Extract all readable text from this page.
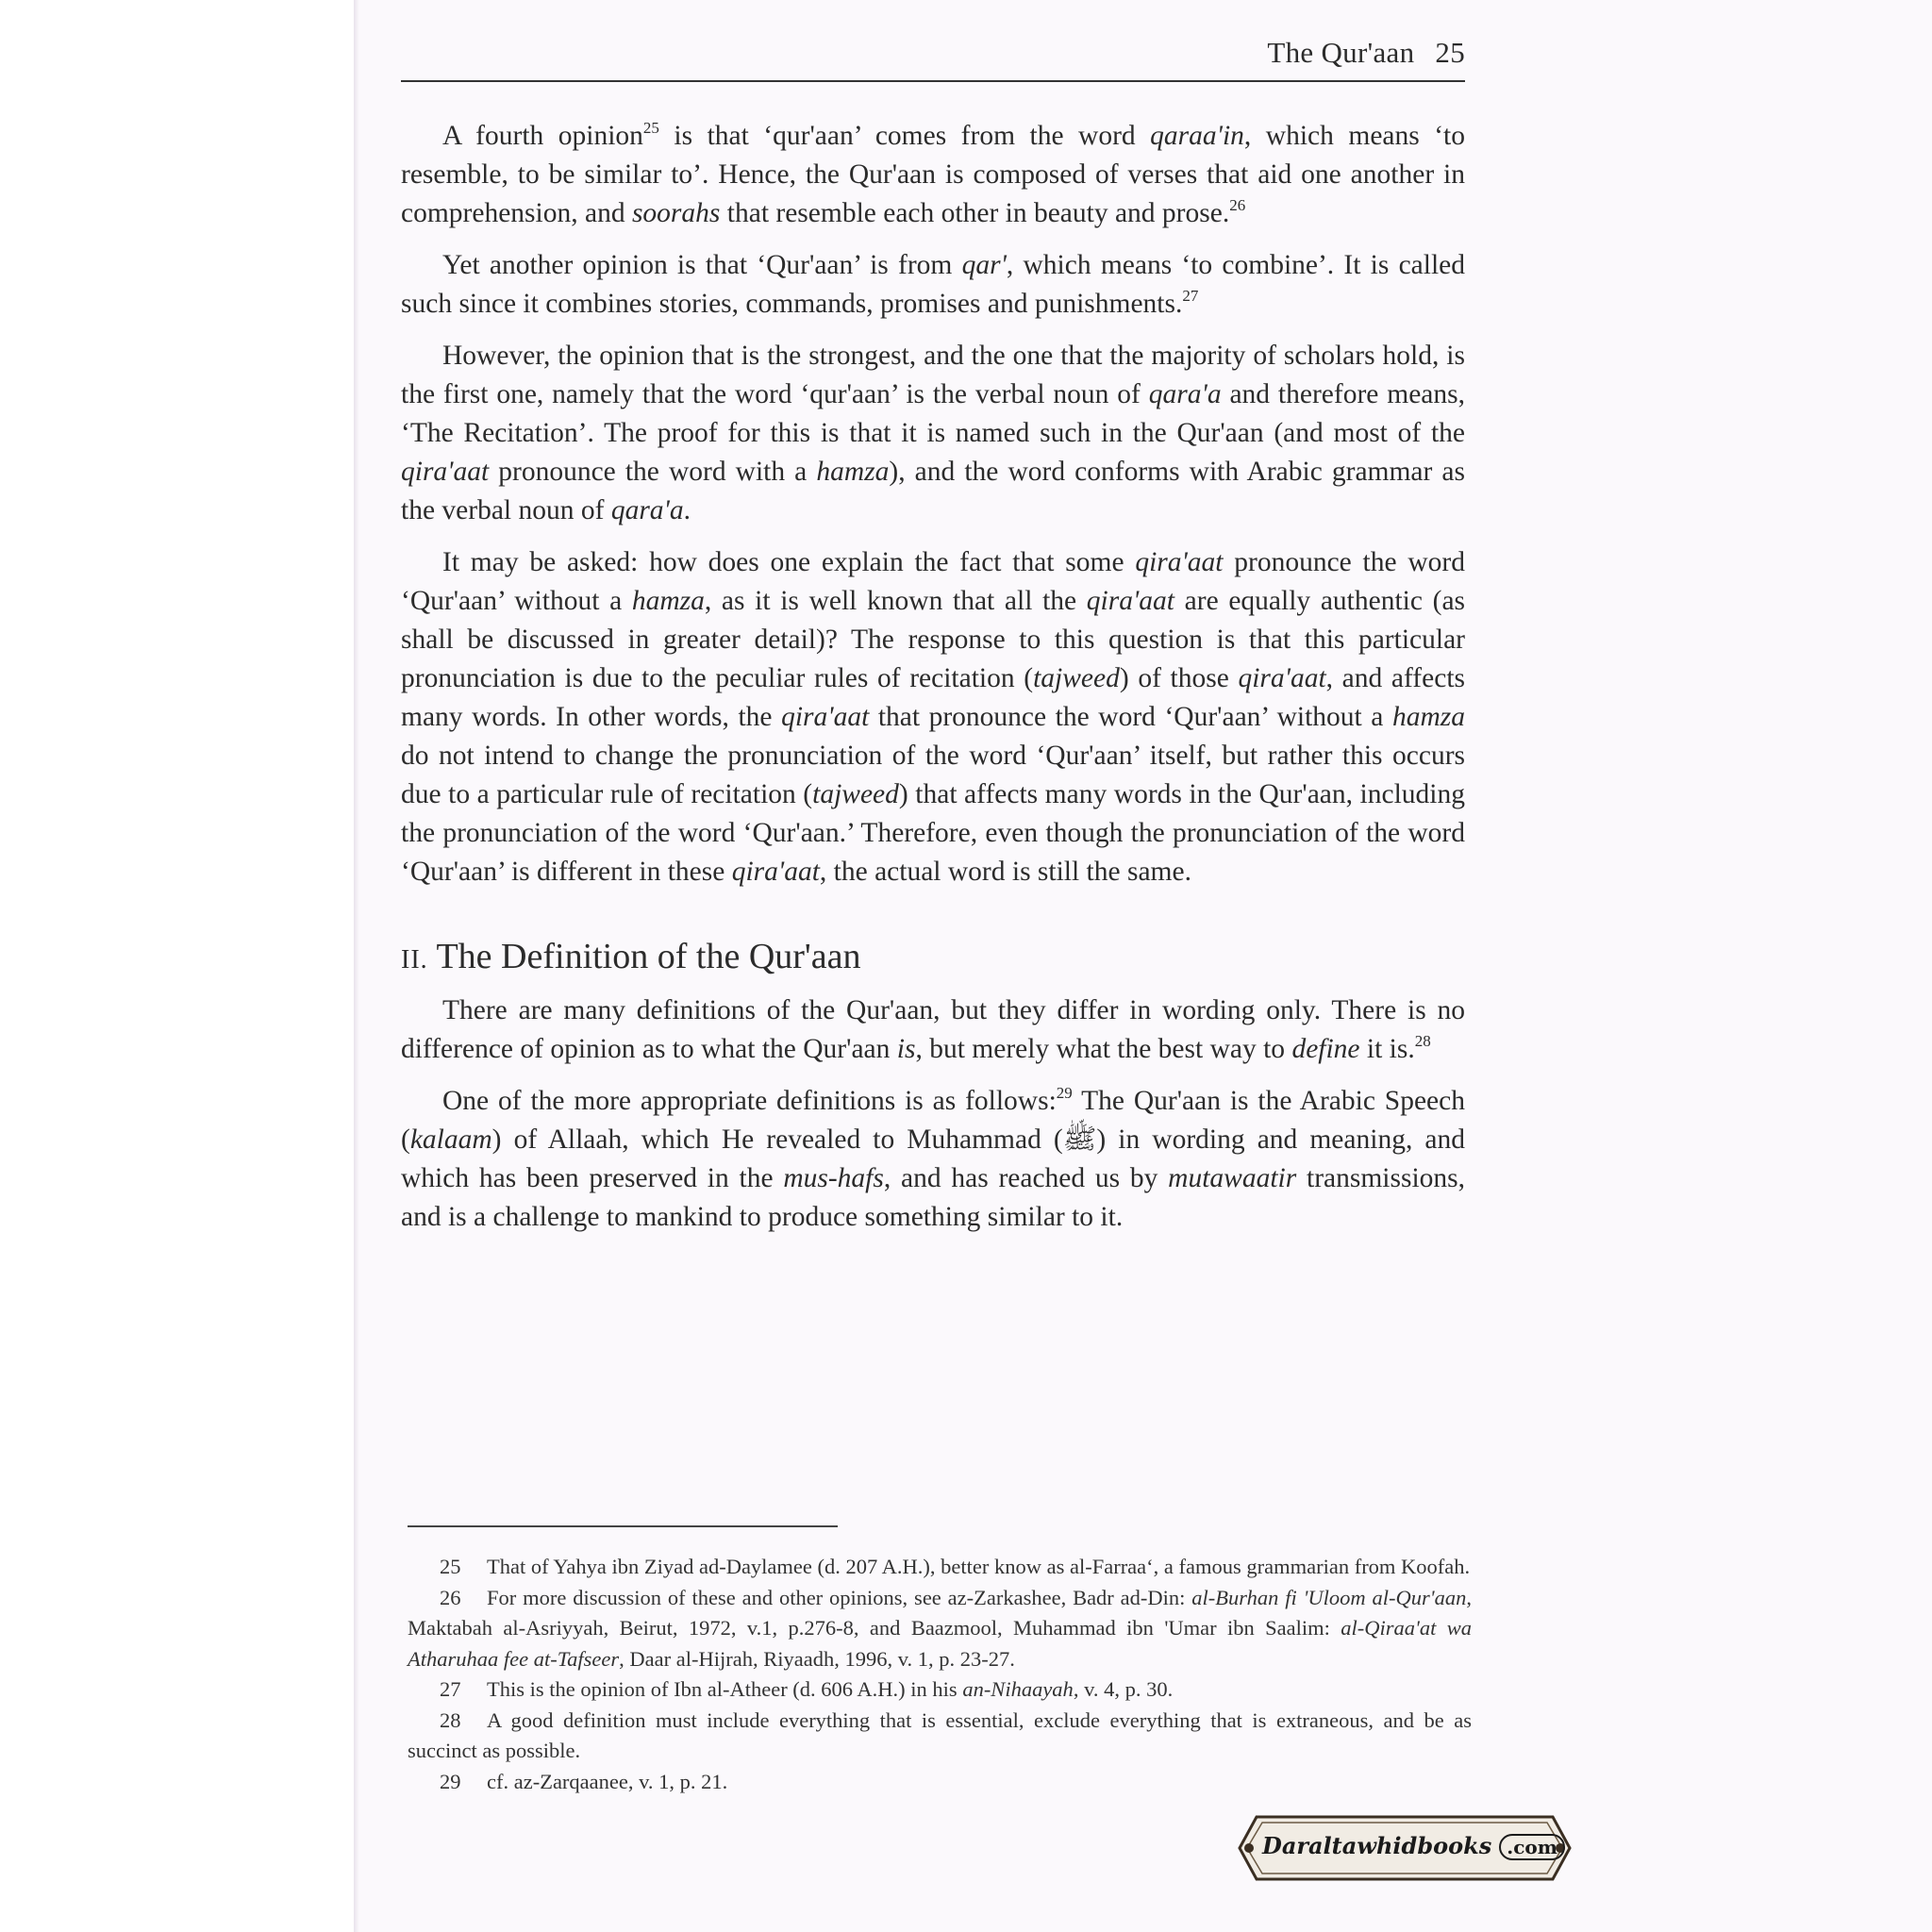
The Qur'aan 25

A fourth opinion$^{25}$ is that ‘qur'aan’ comes from the word qaraa'in, which means ‘to resemble, to be similar to’. Hence, the Qur'aan is composed of verses that aid one another in comprehension, and soorahs that resemble each other in beauty and prose.$^{26}$

Yet another opinion is that ‘Qur'aan’ is from qar', which means ‘to combine’. It is called such since it combines stories, commands, promises and punishments.$^{27}$

However, the opinion that is the strongest, and the one that the majority of scholars hold, is the first one, namely that the word ‘qur'aan’ is the verbal noun of qara'a and therefore means, ‘The Recitation’. The proof for this is that it is named such in the Qur'aan (and most of the qira'aat pronounce the word with a hamza), and the word conforms with Arabic grammar as the verbal noun of qara'a.

It may be asked: how does one explain the fact that some qira'aat pronounce the word ‘Qur'aan’ without a hamza, as it is well known that all the qira'aat are equally authentic (as shall be discussed in greater detail)? The response to this question is that this particular pronunciation is due to the peculiar rules of recitation (tajweed) of those qira'aat, and affects many words. In other words, the qira'aat that pronounce the word ‘Qur'aan’ without a hamza do not intend to change the pronunciation of the word ‘Qur'aan’ itself, but rather this occurs due to a particular rule of recitation (tajweed) that affects many words in the Qur'aan, including the pronunciation of the word ‘Qur'aan.’ Therefore, even though the pronunciation of the word ‘Qur'aan’ is different in these qira'aat, the actual word is still the same.

II. The Definition of the Qur'aan

There are many definitions of the Qur'aan, but they differ in wording only. There is no difference of opinion as to what the Qur'aan is, but merely what the best way to define it is.$^{28}$

One of the more appropriate definitions is as follows:$^{29}$ The Qur'aan is the Arabic Speech (kalaam) of Allaah, which He revealed to Muhammad (ﷺ) in wording and meaning, and which has been preserved in the mus-hafs, and has reached us by mutawaatir transmissions, and is a challenge to mankind to produce something similar to it.

25 That of Yahya ibn Ziyad ad-Daylamee (d. 207 A.H.), better know as al-Farraa‘, a famous grammarian from Koofah.

26 For more discussion of these and other opinions, see az-Zarkashee, Badr ad-Din: al-Burhan fi 'Uloom al-Qur'aan, Maktabah al-Asriyyah, Beirut, 1972, v.1, p.276-8, and Baazmool, Muhammad ibn 'Umar ibn Saalim: al-Qiraa'at wa Atharuhaa fee at-Tafseer, Daar al-Hijrah, Riyaadh, 1996, v. 1, p. 23-27.

27 This is the opinion of Ibn al-Atheer (d. 606 A.H.) in his an-Nihaayah, v. 4, p. 30.

28 A good definition must include everything that is essential, exclude everything that is extraneous, and be as succinct as possible.

29 cf. az-Zarqaanee, v. 1, p. 21.

Daraltawhidbooks .com
